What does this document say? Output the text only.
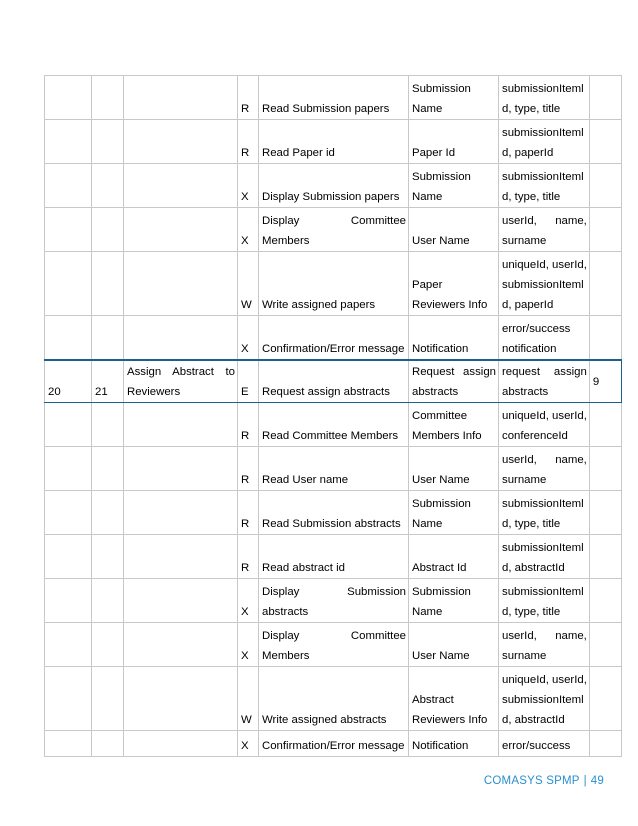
			R	Read Submission papers	Submission
Name	submissionIteml
d, type, title	

			R	Read Paper id	Paper Id	submissionIteml
d, paperId	

			X	Display Submission papers	Submission
Name	submissionIteml
d, type, title	

			X	Display Committee
Members	User Name	userId, name,
surname	

			W	Write assigned papers	Paper
Reviewers Info	uniqueId, userId,
submissionIteml
d, paperId	

			X	Confirmation/Error message	Notification	error/success
notification	

20	21	Assign Abstract to
Reviewers	E	Request assign abstracts	Request assign
abstracts	request assign
abstracts	9
			R	Read Committee Members	Committee
Members Info	uniqueId, userId,
conferenceId	

			R	Read User name	User Name	userId, name,
surname	

			R	Read Submission abstracts	Submission
Name	submissionIteml
d, type, title	

			R	Read abstract id	Abstract Id	submissionIteml
d, abstractId	

			X	Display Submission
abstracts	Submission
Name	submissionIteml
d, type, title	

			X	Display Committee
Members	User Name	userId, name,
surname	

			W	Write assigned abstracts	Abstract
Reviewers Info	uniqueId, userId,
submissionIteml
d, abstractId	

			X	Confirmation/Error message	Notification	error/success	

COMASYS SPMP | 49
